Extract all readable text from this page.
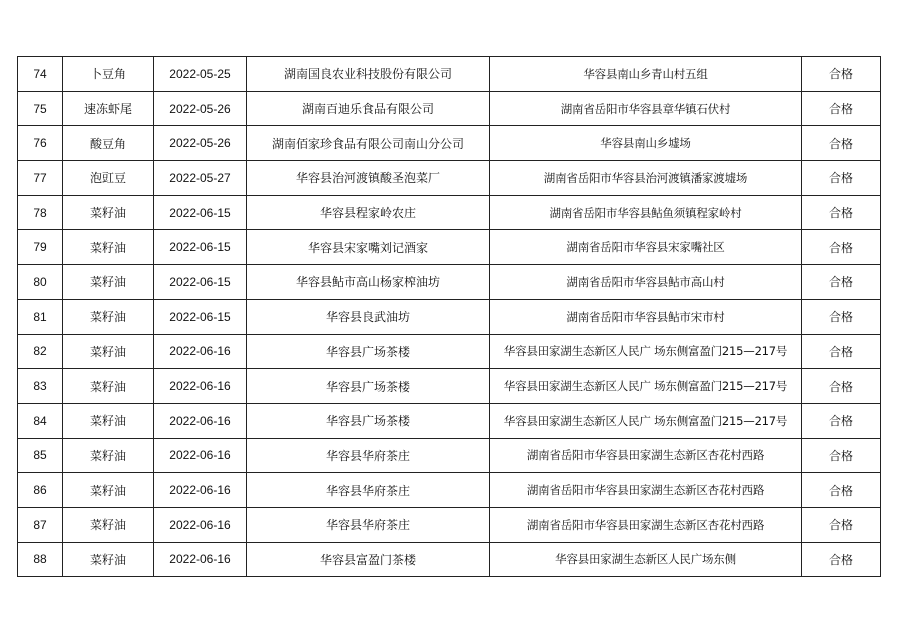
74	卜豆角	2022-05-25	湖南国良农业科技股份有限公司	华容县南山乡青山村五组	合格
75	速冻虾尾	2022-05-26	湖南百迪乐食品有限公司	湖南省岳阳市华容县章华镇石伏村	合格
76	酸豆角	2022-05-26	湖南佰家珍食品有限公司南山分公司	华容县南山乡墟场	合格
77	泡豇豆	2022-05-27	华容县治河渡镇酸圣泡菜厂	湖南省岳阳市华容县治河渡镇潘家渡墟场	合格
78	菜籽油	2022-06-15	华容县程家岭农庄	湖南省岳阳市华容县鲇鱼须镇程家岭村	合格
79	菜籽油	2022-06-15	华容县宋家嘴刘记酒家	湖南省岳阳市华容县宋家嘴社区	合格
80	菜籽油	2022-06-15	华容县鲇市高山杨家榨油坊	湖南省岳阳市华容县鲇市高山村	合格
81	菜籽油	2022-06-15	华容县良武油坊	湖南省岳阳市华容县鲇市宋市村	合格
82	菜籽油	2022-06-16	华容县广场茶楼	华容县田家湖生态新区人民广 场东侧富盈门215—217号	合格
83	菜籽油	2022-06-16	华容县广场茶楼	华容县田家湖生态新区人民广 场东侧富盈门215—217号	合格
84	菜籽油	2022-06-16	华容县广场茶楼	华容县田家湖生态新区人民广 场东侧富盈门215—217号	合格
85	菜籽油	2022-06-16	华容县华府茶庄	湖南省岳阳市华容县田家湖生态新区杏花村西路	合格
86	菜籽油	2022-06-16	华容县华府茶庄	湖南省岳阳市华容县田家湖生态新区杏花村西路	合格
87	菜籽油	2022-06-16	华容县华府茶庄	湖南省岳阳市华容县田家湖生态新区杏花村西路	合格
88	菜籽油	2022-06-16	华容县富盈门茶楼	华容县田家湖生态新区人民广场东侧	合格
